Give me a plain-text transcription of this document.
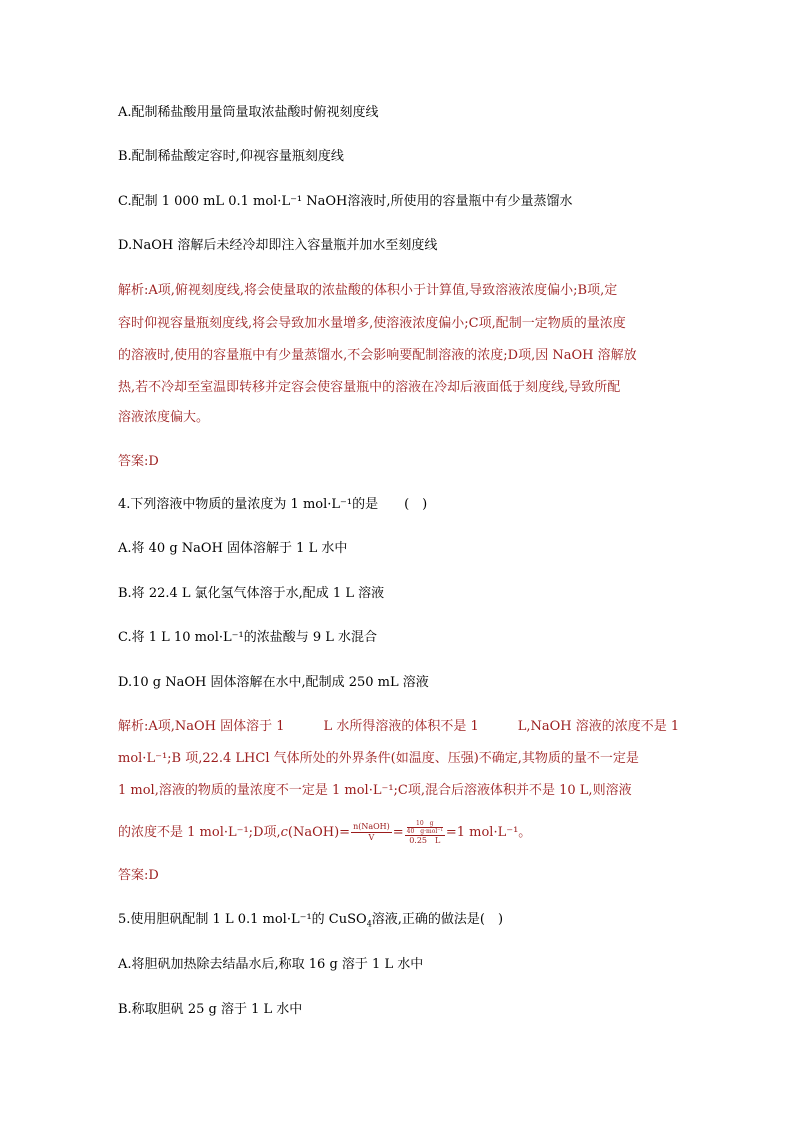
A.配制稀盐酸用量筒量取浓盐酸时俯视刻度线

B.配制稀盐酸定容时,仰视容量瓶刻度线

C.配制 1 000 mL 0.1 mol·L⁻¹ NaOH溶液时,所使用的容量瓶中有少量蒸馏水

D.NaOH 溶解后未经冷却即注入容量瓶并加水至刻度线

解析:A项,俯视刻度线,将会使量取的浓盐酸的体积小于计算值,导致溶液浓度偏小;B项,定

容时仰视容量瓶刻度线,将会导致加水量增多,使溶液浓度偏小;C项,配制一定物质的量浓度

的溶液时,使用的容量瓶中有少量蒸馏水,不会影响要配制溶液的浓度;D项,因 NaOH 溶解放

热,若不冷却至室温即转移并定容会使容量瓶中的溶液在冷却后液面低于刻度线,导致所配

溶液浓度偏大。

答案:D

4.下列溶液中物质的量浓度为 1 mol·L⁻¹的是　　(　)

A.将 40 g NaOH 固体溶解于 1 L 水中

B.将 22.4 L 氯化氢气体溶于水,配成 1 L 溶液

C.将 1 L 10 mol·L⁻¹的浓盐酸与 9 L 水混合

D.10 g NaOH 固体溶解在水中,配制成 250 mL 溶液

解析:A项,NaOH 固体溶于 1　　　L 水所得溶液的体积不是 1　　　L,NaOH 溶液的浓度不是 1

mol·L⁻¹;B 项,22.4 LHCl 气体所处的外界条件(如温度、压强)不确定,其物质的量不一定是

1 mol,溶液的物质的量浓度不一定是 1 mol·L⁻¹;C项,混合后溶液体积并不是 10 L,则溶液

的浓度不是 1 mol·L⁻¹;D项,c(NaOH)= $\frac{\text{n(NaOH)}}{V} = 10$　g
40　g·mol⁻¹
0.25　L =1 mol·L⁻¹。

答案:D

5.使用胆矾配制 1 L 0.1 mol·L⁻¹的 CuSO$_4$溶液,正确的做法是(　)

A.将胆矾加热除去结晶水后,称取 16 g 溶于 1 L 水中

B.称取胆矾 25 g 溶于 1 L 水中
